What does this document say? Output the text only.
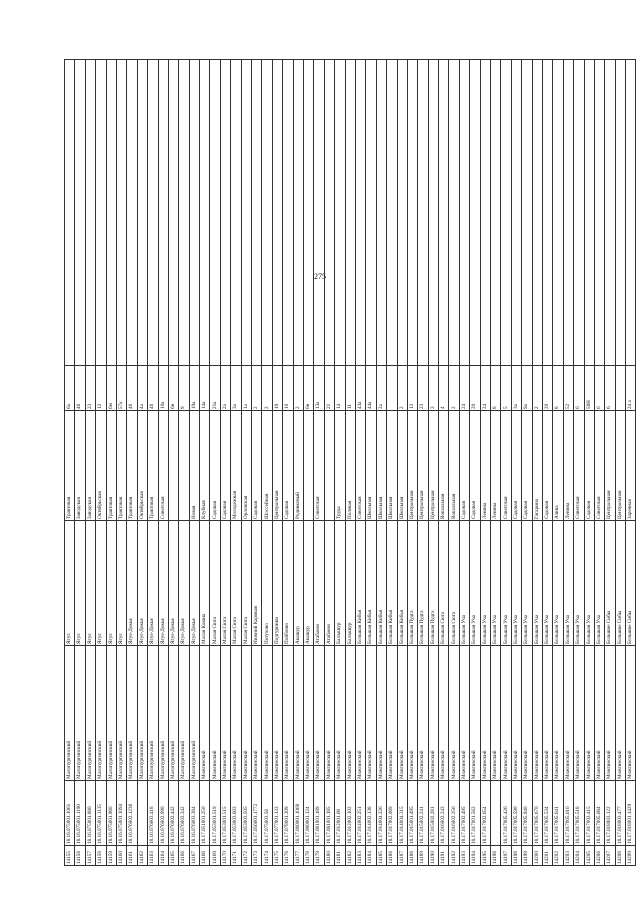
275
14155	18.16.075001.1061	Малопургинский	Ягул	Трактовая	6а	
14156	18.16.075001.1190	Малопургинский	Ягул	Заводская	46	
14157	18.16.075001.880	Малопургинский	Ягул	Заводская	23	
14158	18.16.075001.1135	Малопургинский	Ягул	Октябрьская	12	
14159	18.16.075001.960	Малопургинский	Ягул	Трактовая	6м	
14160	18.16.075001.1094	Малопургинский	Ягул	Трактовая	57а	
14161	18.16.076002.1236	Малопургинский	Ягул-Докья	Трактовая	46	
14162		Малопургинский	Ягул-Докья	Октябрьская	4а	
14163	18.16.076003.418	Малопургинский	Ягул-Докья	Трактовая	46	
14164	18.16.076002.990	Малопургинский	Ягул-Докья	Советская	10а	
14165	18.16.076002.442	Малопургинский	Ягул-Докья		6н	
14166	18.16.076003.342	Малопургинский	Ягул-Докья		9	
14167	18.16.076003.384	Малопургинский	Ягул-Докья	Новая	19а	
14168	18.17.051001.250	Можгинский	Малая Кокша	Клубная	14а	
14169	18.17.053001.519	Можгинский	Малая Сюга	Садовая	21а	
14170	18.17.053001.515	Можгинский	Малая Сюга	Садовая	2а	
14171	18.17.053003.603	Можгинский	Малая Сюга	Молодежная	3а	
14172	18.17.053003.505	Можгинский	Малая Сюга	Орловская	1а	
14173	18.17.056001.1772	Можгинский	Нижний Кармыж	Садовая	2	
14174	18.17.075003.56	Можгинский	Петухово	Шоссейная	2	
14175	18.17.077001.133	Можгинский	Подгурники	Центральная	19	
14176	18.17.078001.309	Можгинский	Пойбоню	Садовая	10	
14177	18.17.080001.1068	Можгинский	Акашур	Родниковый	2	
14178	18.17.080001.124	Можгинский	Акашур		6н	
14179	18.17.081001.189	Можгинский	Атабаево	Советская	13а	
14180	18.17.081001.185	Можгинский	Атабаево		21	
14181	18.17.012001.68	Можгинский	Балзашур	Труда	14	
14182	18.17.012002.102	Можгинский	Балзашур	Полевая	11	
14183	18.17.014002.251	Можгинский	Большая Кибья	Советская	43а	
14184	18.17.014002.138	Можгинский	Большая Кибья	Школьная	44а	
14185	18.17.014004.326	Можгинский	Большая Кибья	Школьная	2а	
14186	18.17.017002.069	Можгинский	Большая Кибья	Школьная		
14187	18.17.014004.315	Можгинский	Большая Кибья	Школьная	2	
14188	18.17.015001.495	Можгинский	Большая Пудга	Центральная	13	
14189	18.17.015002.241	Можгинский	Большая Пудга	Центральная	23	
14190	18.17.015002.281	Можгинский	Большая Пудга	Центральная	3	
14191	18.17.016002.243	Можгинский	Большая Сюга	Вокзальная	4	
14192	18.17.016002.256	Можгинский	Большая Сюга	Вокзальная	2	
14193	18.17.017002.495	Можгинский	Большая Уча	Садовая	24	
14194	18.17.017001.562	Можгинский	Большая Уча	Садовая	20	
14195	18.17.017002.654	Можгинский	Большая Уча	Ленина	24	
14196		Можгинский	Большая Уча	Ленина	8	
14197	18.17.017005.426	Можгинский	Большая Уча	Советская	5	
14198	18.17.017005.590	Можгинский	Большая Уча	Садовая	3а	
14199	18.17.017005.940	Можгинский	Большая Уча	Садовая	9а	
14200	18.17.017005.670	Можгинский	Большая Уча	Гагарина	2	
14201	18.17.017005.534	Можгинский	Большая Уча	Садовая	20	
14202	18.17.017005.641	Можгинский	Большая Уча	Азина	8	
14203	18.17.017005.616	Можгинский	Большая Уча	Ленина	52	
14204	18.17.017005.518	Можгинский	Большая Уча	Советская	6	
14205	18.17.017003.415	Можгинский	Большая Уча	Садовая	58Н	
14206	18.17.017005.684	Можгинский	Большая Уча	Советская	6	
14207	18.17.018003.122	Можгинский	Большие Сибы	Центральная	6	
14208	18.17.018003.477	Можгинский	Большие Сибы	Центральная		
14209	18.17.018001.1429	Можгинский	Большие Сибы	Заречная	24 а	
